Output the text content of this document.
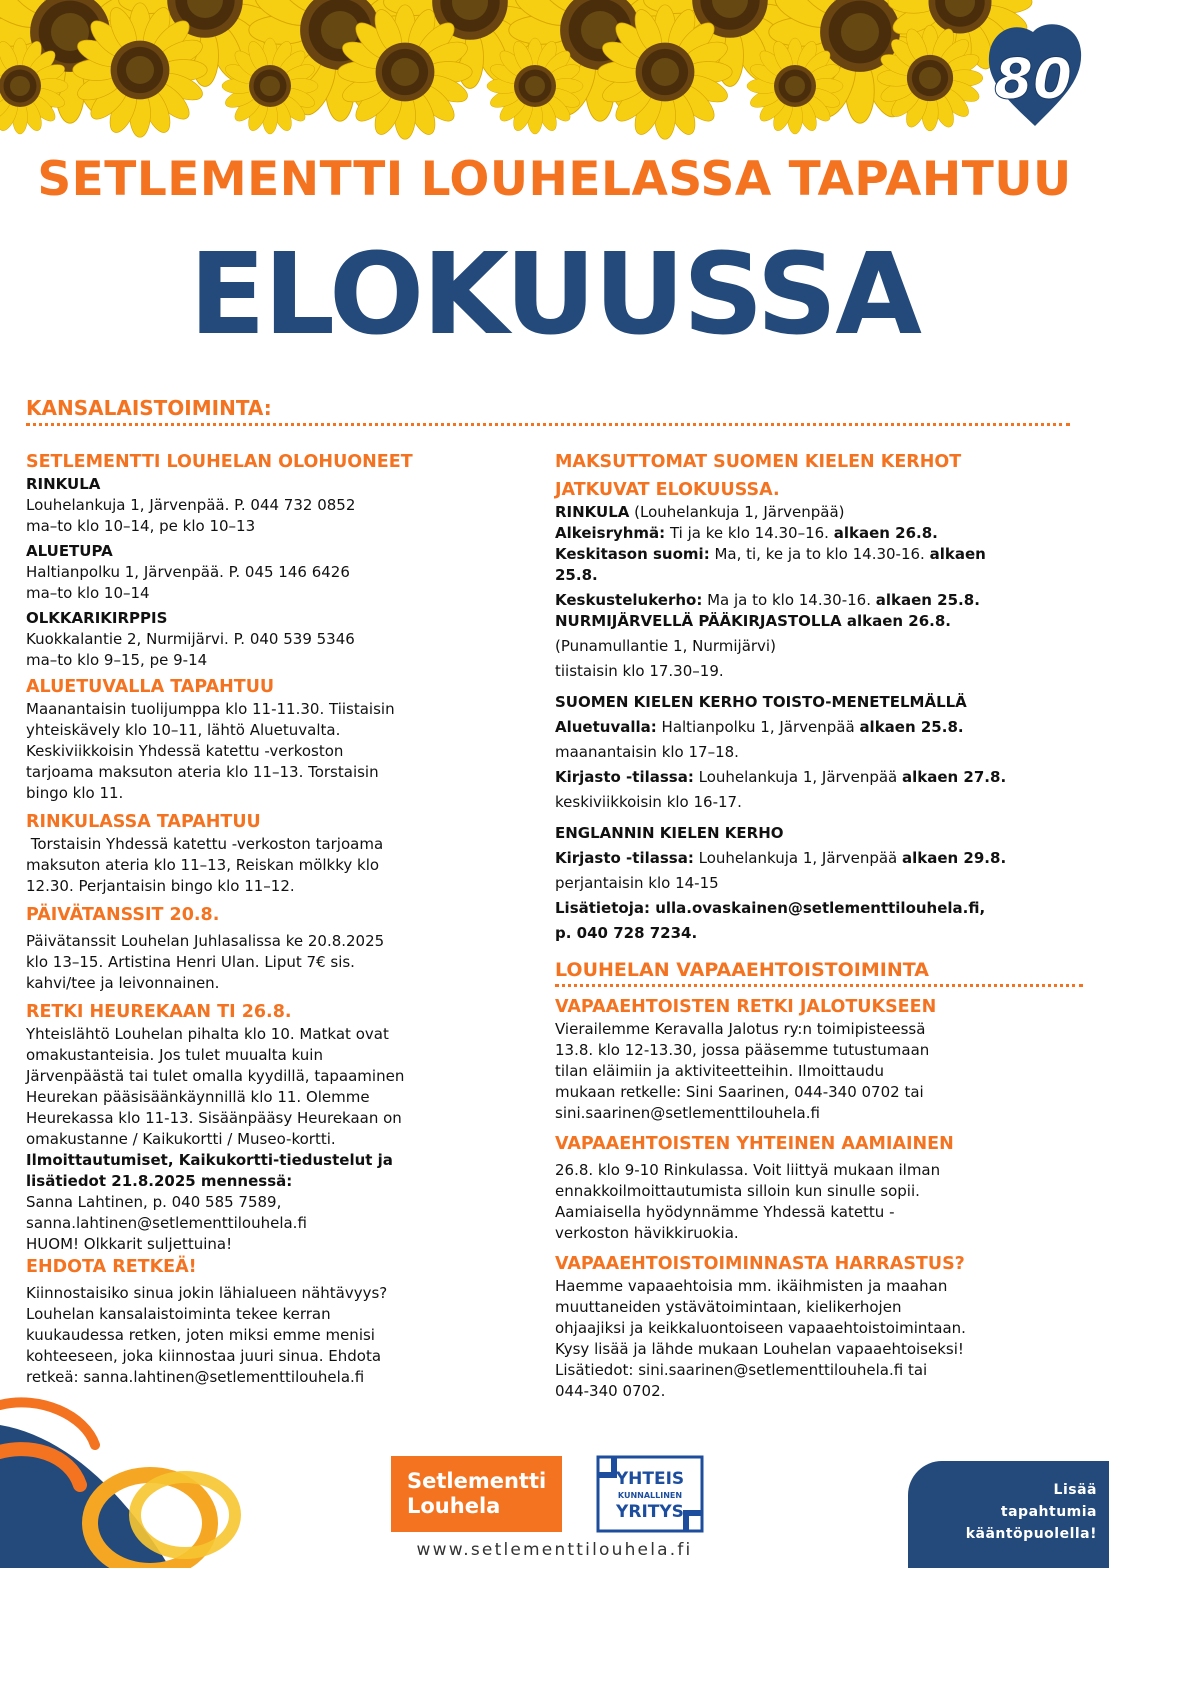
80
SETLEMENTTI LOUHELASSA TAPAHTUU
ELOKUUSSA
KANSALAISTOIMINTA:
SETLEMENTTI LOUHELAN OLOHUONEET
RINKULA
Louhelankuja 1, Järvenpää. P. 044 732 0852
ma–to klo 10–14, pe klo 10–13
ALUETUPA
Haltianpolku 1, Järvenpää. P. 045 146 6426
ma–to klo 10–14
OLKKARIKIRPPIS
Kuokkalantie 2, Nurmijärvi. P. 040 539 5346
ma–to klo 9–15, pe 9-14
ALUETUVALLA TAPAHTUU
Maanantaisin tuolijumppa klo 11-11.30. Tiistaisin
yhteiskävely klo 10–11, lähtö Aluetuvalta.
Keskiviikkoisin Yhdessä katettu -verkoston
tarjoama maksuton ateria klo 11–13. Torstaisin
bingo klo 11.
RINKULASSA TAPAHTUU
Torstaisin Yhdessä katettu -verkoston tarjoama
maksuton ateria klo 11–13, Reiskan mölkky klo
12.30. Perjantaisin bingo klo 11–12.
PÄIVÄTANSSIT 20.8.
Päivätanssit Louhelan Juhlasalissa ke 20.8.2025
klo 13–15. Artistina Henri Ulan. Liput 7€ sis.
kahvi/tee ja leivonnainen.
RETKI HEUREKAAN TI 26.8.
Yhteislähtö Louhelan pihalta klo 10. Matkat ovat
omakustanteisia. Jos tulet muualta kuin
Järvenpäästä tai tulet omalla kyydillä, tapaaminen
Heurekan pääsisäänkäynnillä klo 11. Olemme
Heurekassa klo 11-13. Sisäänpääsy Heurekaan on
omakustanne / Kaikukortti / Museo-kortti.
Ilmoittautumiset, Kaikukortti-tiedustelut ja
lisätiedot 21.8.2025 mennessä:
Sanna Lahtinen, p. 040 585 7589,
sanna.lahtinen@setlementtilouhela.fi
HUOM! Olkkarit suljettuina!
EHDOTA RETKEÄ!
Kiinnostaisiko sinua jokin lähialueen nähtävyys?
Louhelan kansalaistoiminta tekee kerran
kuukaudessa retken, joten miksi emme menisi
kohteeseen, joka kiinnostaa juuri sinua. Ehdota
retkeä: sanna.lahtinen@setlementtilouhela.fi
MAKSUTTOMAT SUOMEN KIELEN KERHOT
JATKUVAT ELOKUUSSA.
RINKULA (Louhelankuja 1, Järvenpää)
Alkeisryhmä: Ti ja ke klo 14.30–16. alkaen 26.8.
Keskitason suomi: Ma, ti, ke ja to klo 14.30-16. alkaen
25.8.
Keskustelukerho: Ma ja to klo 14.30-16. alkaen 25.8.
NURMIJÄRVELLÄ PÄÄKIRJASTOLLA alkaen 26.8.
(Punamullantie 1, Nurmijärvi)
tiistaisin klo 17.30–19.
SUOMEN KIELEN KERHO TOISTO-MENETELMÄLLÄ
Aluetuvalla: Haltianpolku 1, Järvenpää alkaen 25.8.
maanantaisin klo 17–18.
Kirjasto -tilassa: Louhelankuja 1, Järvenpää alkaen 27.8.
keskiviikkoisin klo 16-17.
ENGLANNIN KIELEN KERHO
Kirjasto -tilassa: Louhelankuja 1, Järvenpää alkaen 29.8.
perjantaisin klo 14-15
Lisätietoja: ulla.ovaskainen@setlementtilouhela.fi,
p. 040 728 7234.
LOUHELAN VAPAAEHTOISTOIMINTA
VAPAAEHTOISTEN RETKI JALOTUKSEEN
Vierailemme Keravalla Jalotus ry:n toimipisteessä
13.8. klo 12-13.30, jossa pääsemme tutustumaan
tilan eläimiin ja aktiviteetteihin. Ilmoittaudu
mukaan retkelle: Sini Saarinen, 044-340 0702 tai
sini.saarinen@setlementtilouhela.fi
VAPAAEHTOISTEN YHTEINEN AAMIAINEN
26.8. klo 9-10 Rinkulassa. Voit liittyä mukaan ilman
ennakkoilmoittautumista silloin kun sinulle sopii.
Aamiaisella hyödynnämme Yhdessä katettu -
verkoston hävikkiruokia.
VAPAAEHTOISTOIMINNASTA HARRASTUS?
Haemme vapaaehtoisia mm. ikäihmisten ja maahan
muuttaneiden ystävätoimintaan, kielikerhojen
ohjaajiksi ja keikkaluontoiseen vapaaehtoistoimintaan.
Kysy lisää ja lähde mukaan Louhelan vapaaehtoiseksi!
Lisätiedot: sini.saarinen@setlementtilouhela.fi tai
044-340 0702.
Setlementti
Louhela
YHTEIS
KUNNALLINEN
YRITYS
www.setlementtilouhela.fi
Lisää
tapahtumia
kääntöpuolella!
